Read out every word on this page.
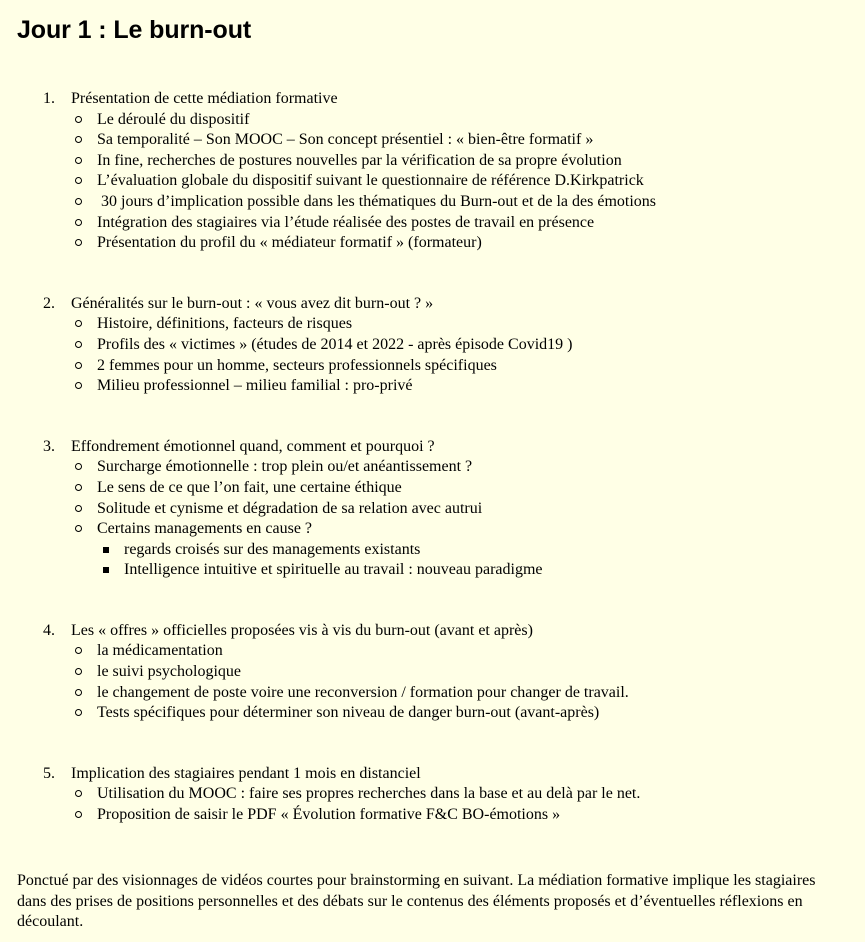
Jour 1 : Le burn-out
1. Présentation de cette médiation formative
Le déroulé du dispositif
Sa temporalité – Son MOOC – Son concept présentiel : « bien-être formatif »
In fine, recherches de postures nouvelles par la vérification de sa propre évolution
L’évaluation globale du dispositif suivant le questionnaire de référence D.Kirkpatrick
30 jours d’implication possible dans les thématiques du Burn-out et de la des émotions
Intégration des stagiaires via l’étude réalisée des postes de travail en présence
Présentation du profil du « médiateur formatif » (formateur)
2. Généralités sur le burn-out : « vous avez dit burn-out ? »
Histoire, définitions, facteurs de risques
Profils des « victimes » (études de 2014 et 2022 - après épisode Covid19 )
2 femmes pour un homme, secteurs professionnels spécifiques
Milieu professionnel – milieu familial : pro-privé
3. Effondrement émotionnel quand, comment et pourquoi ?
Surcharge émotionnelle : trop plein ou/et anéantissement ?
Le sens de ce que l’on fait, une certaine éthique
Solitude et cynisme et dégradation de sa relation avec autrui
Certains managements en cause ?
regards croisés sur des managements existants
Intelligence intuitive et spirituelle au travail : nouveau paradigme
4. Les « offres » officielles proposées vis à vis du burn-out (avant et après)
la médicamentation
le suivi psychologique
le changement de poste voire une reconversion / formation pour changer de travail.
Tests spécifiques pour déterminer son niveau de danger burn-out (avant-après)
5. Implication des stagiaires pendant 1 mois en distanciel
Utilisation du MOOC : faire ses propres recherches dans la base et au delà par le net.
Proposition de saisir le PDF « Évolution formative F&C BO-émotions »

Ponctué par des visionnages de vidéos courtes pour brainstorming en suivant. La médiation formative implique les stagiaires dans des prises de positions personnelles et des débats sur le contenus des éléments proposés et d’éventuelles réflexions en découlant.
